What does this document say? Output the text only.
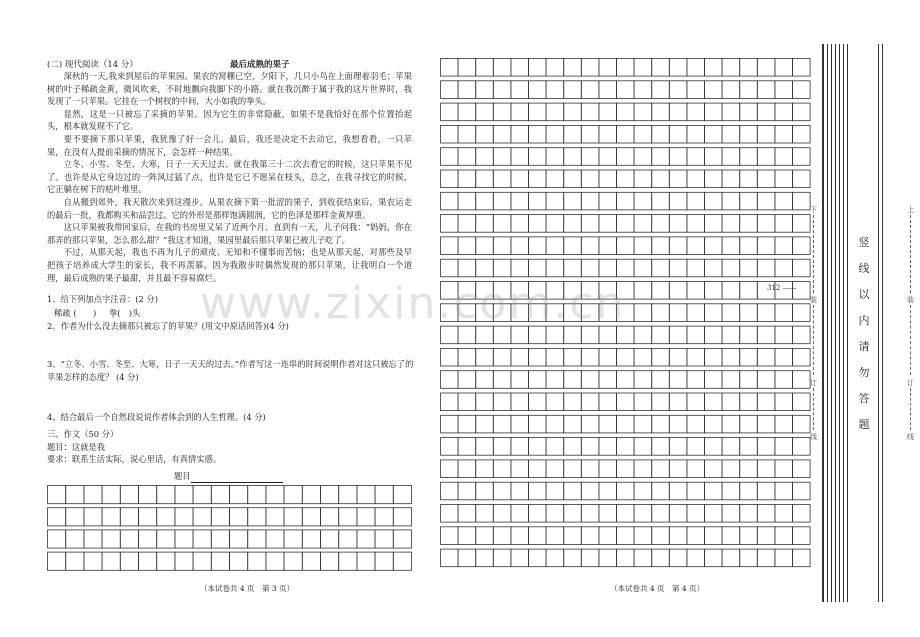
(二) 现代阅读（14 分）	最后成熟的果子

深秋的一天,我来到屋后的苹果园。果农的窝棚已空，夕阳下，几只小鸟在上面理着羽毛；苹果树的叶子稀疏金黄，微风吹来，不时地飘向我脚下的小路。就在我沉醉于属于我的这片世界时，我发现了一只苹果。它挂在一个树杈的中间，大小如我的拳头。

显然，这是一只被忘了采摘的苹果。因为它生的非常隐蔽，如果不是我恰好在那个位置抬起头，根本就发现不了它。

要不要摘下那只苹果，我犹豫了好一会儿。最后，我还是决定不去动它，我想看看，一只苹果，在没有人提前采摘的情况下，会怎样一种结果。

立冬、小雪、冬至、大寒，日子一天天过去。就在我第三十二次去看它的时候，这只苹果不见了。也许是从它身边过的一阵风过猛了点，也许是它已不愿呆在枝头，总之，在我寻找它的时候，它正躺在树下的枯叶堆里。

自从搬到郊外，我天散次来到这漫步。从果农摘下第一批涩的果子，到收获结束后，果农运走的最后一批，我都购买和品尝过。它的外形是那样饱满圆润，它的色泽是那样金黄厚重。

这只苹果被我带回家后，在我的书房里又呆了近两个月。直到有一天，儿子问我：“妈妈，你在那弄的那只苹果，怎么那么甜？”我这才知道，果园里最后那只苹果已被儿子吃了。

不过，从那天起，我也不再为儿子的顽皮、无知和不懂事而苦恼；也是从那天起，对那些及早把孩子培养成大学生的家长，我不再羡慕。因为我散步时偶然发现的那只苹果，让我明白一个道理，最后成熟的果子最甜，并且最不容易腐烂。

1、给下列加点字注音：(2 分)

稀疏 (　　) 拳(　)头

2、作者为什么没去摘那只被忘了的苹果？(用文中原话回答)(4 分)

3、“立冬、小雪、冬至、大寒，日子一天天的过去。”作者写这一连串的时间说明作者对这只被忘了的苹果怎样的态度？ (4 分)

4、结合最后一个自然段说说作者体会到的人生哲理。(4 分)

三、作文（50 分）

题目：这就是我

要求：联系生活实际，说心里话，有真情实感。

题目
（本试卷共 4 页　第 3 页）
312 ——
（本试卷共 4 页　第 4 页）
竖
线
以
内
请
勿
答
题
下
装
订
线
上
装
订
线
www.zixin.com.cn
